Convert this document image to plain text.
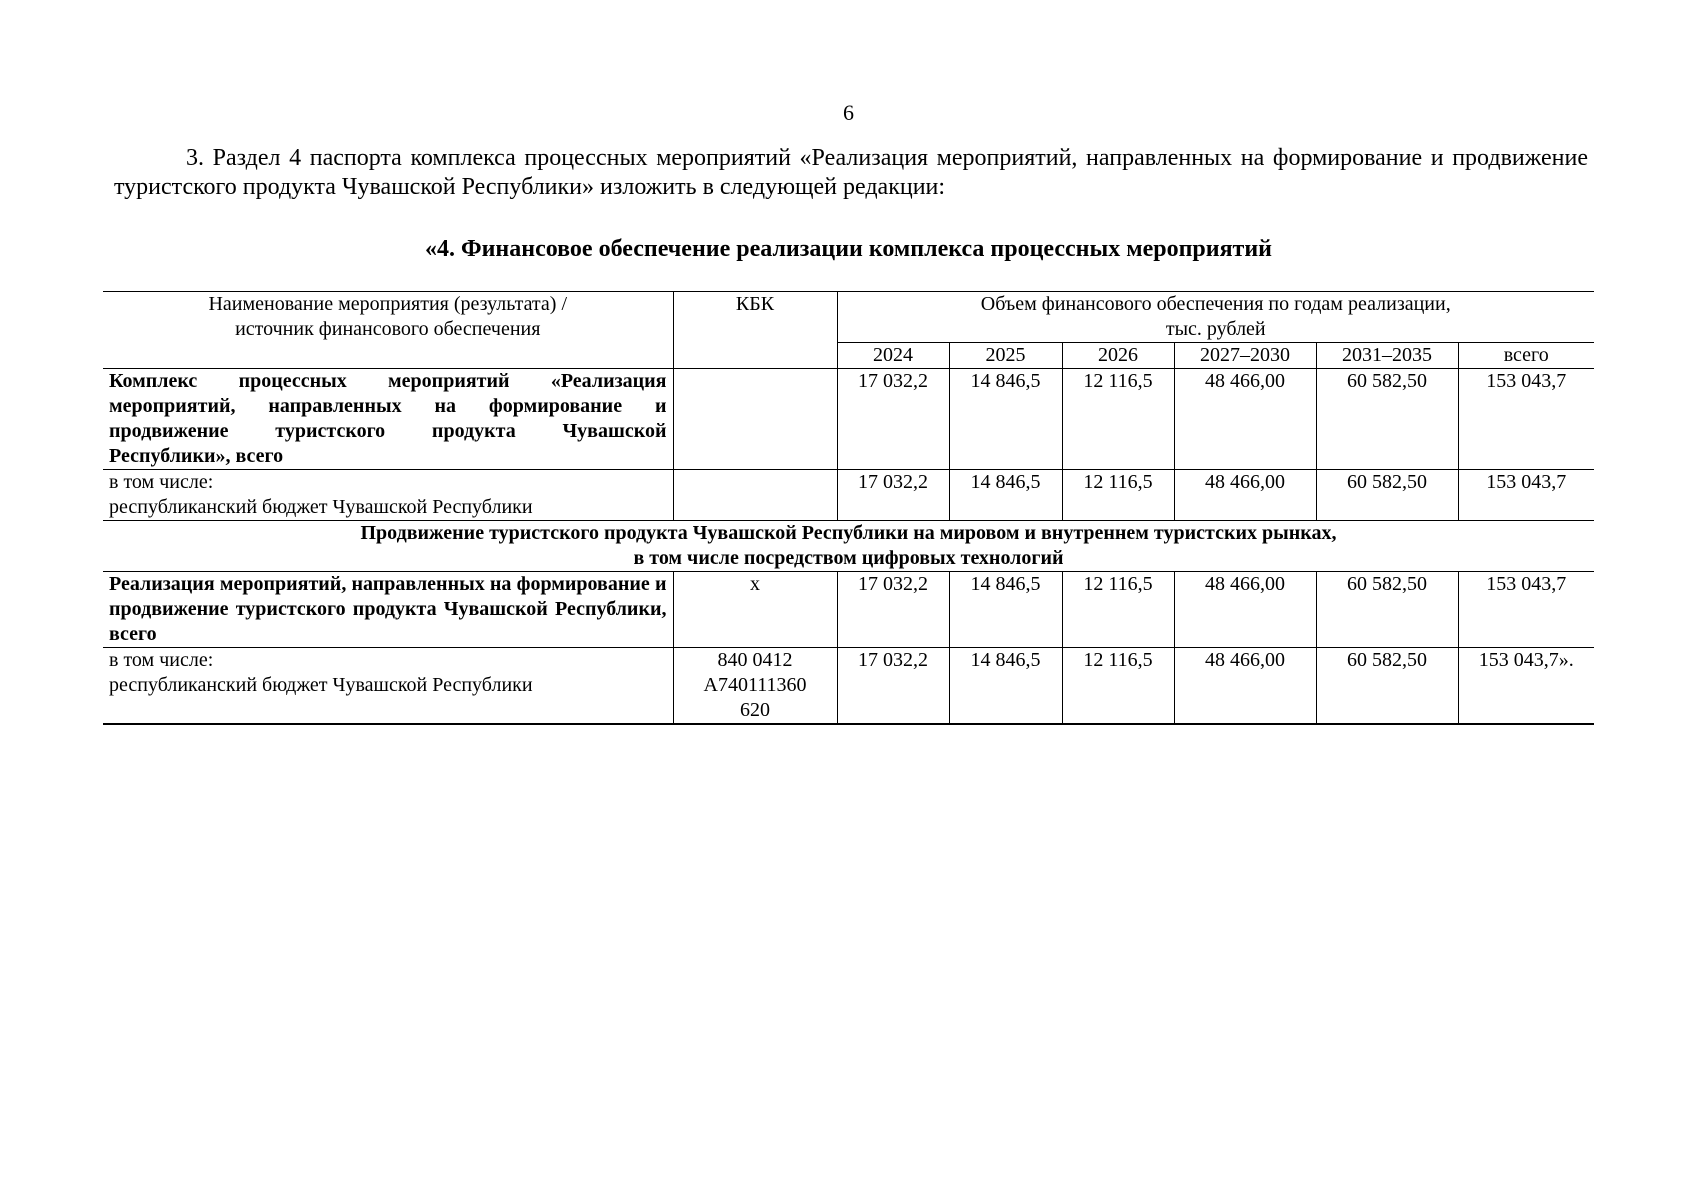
6

3. Раздел 4 паспорта комплекса процессных мероприятий «Реализация мероприятий, направленных на формирование и продвижение туристского продукта Чувашской Республики» изложить в следующей редакции:

«4. Финансовое обеспечение реализации комплекса процессных мероприятий
Наименование мероприятия (результата) /
источник финансового обеспечения	КБК	Объем финансового обеспечения по годам реализации,
тыс. рублей					

		2024	2025	2026	2027–2030	2031–2035	всего
Комплекс процессных мероприятий «Реализация мероприятий, направленных на формирование и продвижение туристского продукта Чувашской Республики», всего		17 032,2	14 846,5	12 116,5	48 466,00	60 582,50	153 043,7

в том числе:
республиканский бюджет Чувашской Республики		17 032,2	14 846,5	12 116,5	48 466,00	60 582,50	153 043,7

Продвижение туристского продукта Чувашской Республики на мировом и внутреннем туристских рынках,
в том числе посредством цифровых технологий							

Реализация мероприятий, направленных на формирование и продвижение туристского продукта Чувашской Республики, всего	х	17 032,2	14 846,5	12 116,5	48 466,00	60 582,50	153 043,7

в том числе:
республиканский бюджет Чувашской Республики	840 0412
А740111360
620	17 032,2	14 846,5	12 116,5	48 466,00	60 582,50	153 043,7».
